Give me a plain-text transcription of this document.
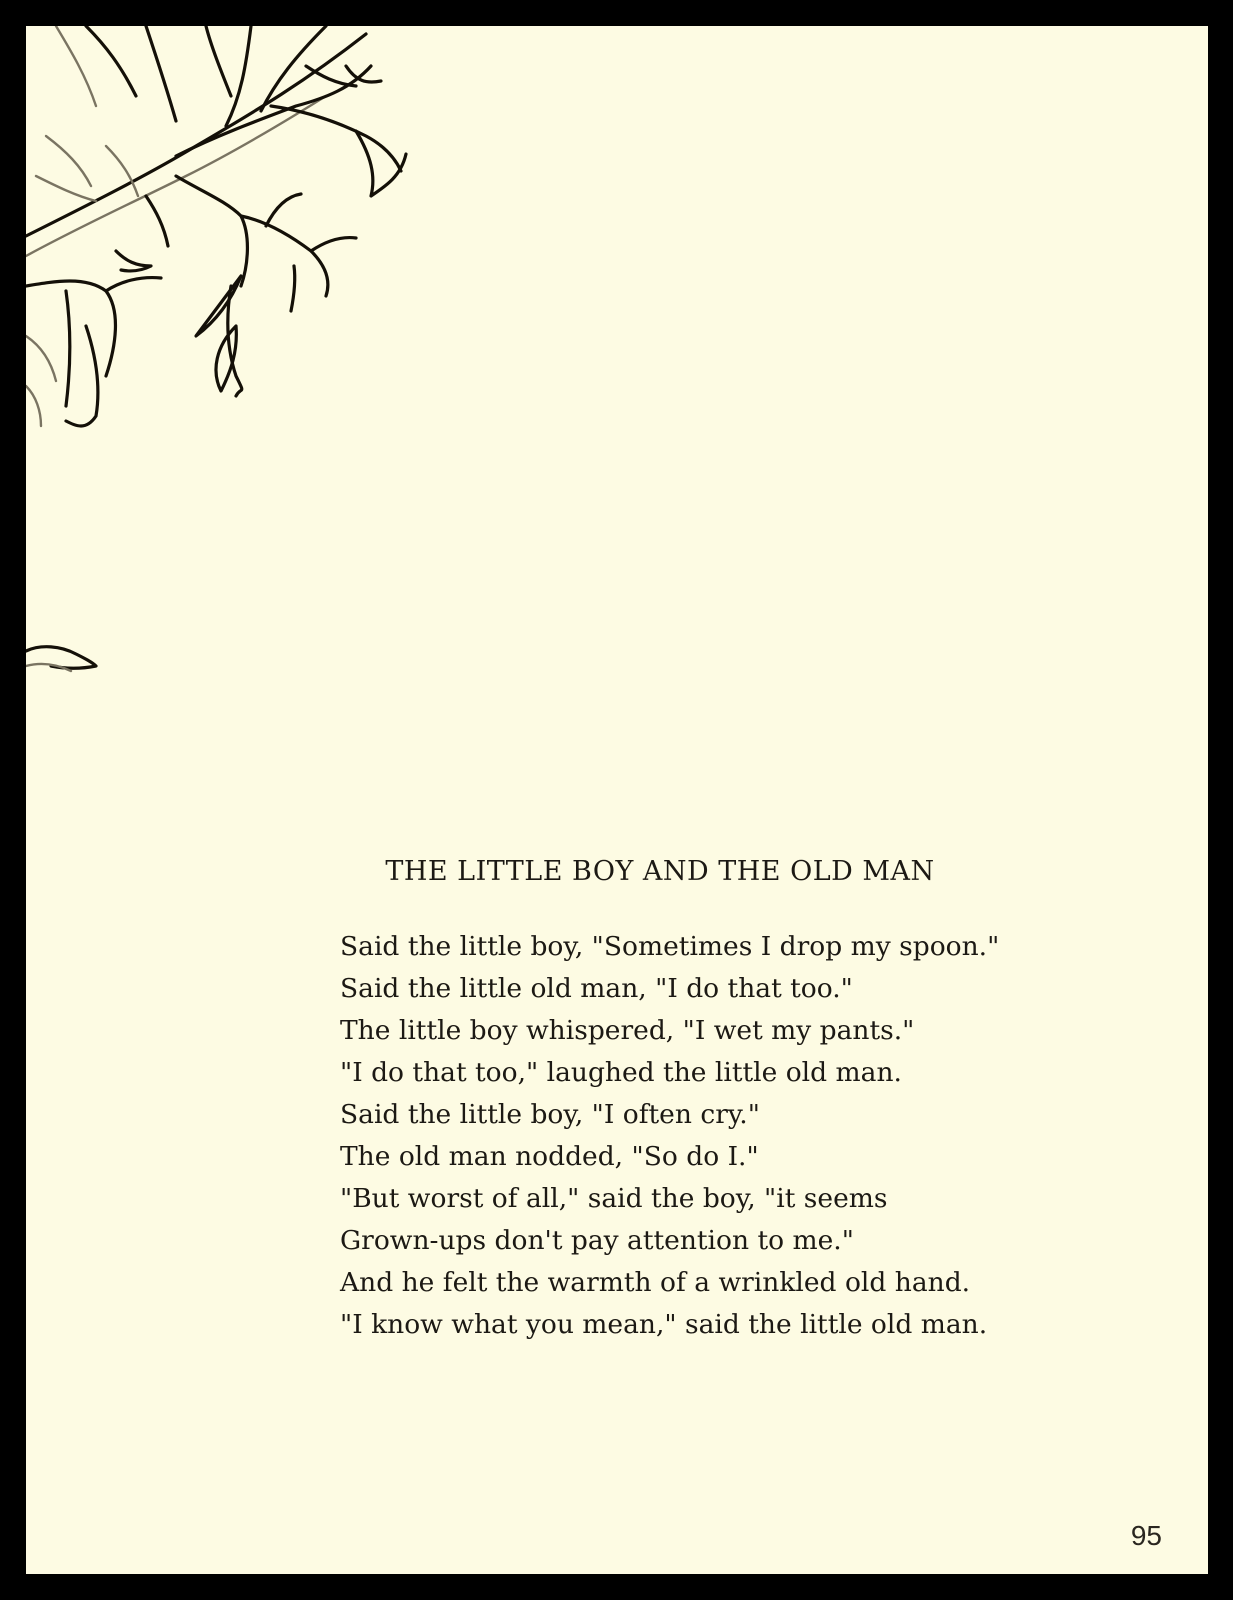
THE LITTLE BOY AND THE OLD MAN
Said the little boy, "Sometimes I drop my spoon."
Said the little old man, "I do that too."
The little boy whispered, "I wet my pants."
"I do that too," laughed the little old man.
Said the little boy, "I often cry."
The old man nodded, "So do I."
"But worst of all," said the boy, "it seems
Grown-ups don't pay attention to me."
And he felt the warmth of a wrinkled old hand.
"I know what you mean," said the little old man.
95
